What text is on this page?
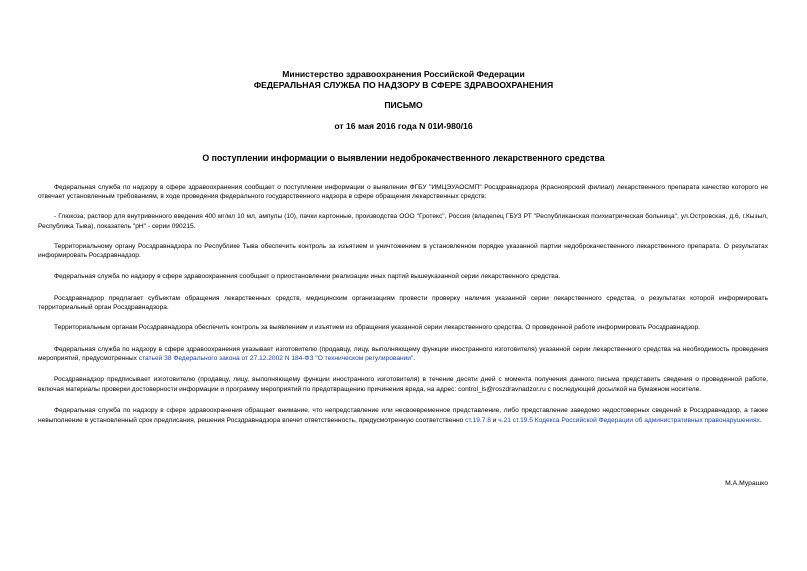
Министерство здравоохранения Российской Федерации
ФЕДЕРАЛЬНАЯ СЛУЖБА ПО НАДЗОРУ В СФЕРЕ ЗДРАВООХРАНЕНИЯ
ПИСЬМО
от 16 мая 2016 года N 01И-980/16
О поступлении информации о выявлении недоброкачественного лекарственного средства

Федеральная служба по надзору в сфере здравоохранения сообщает о поступлении информации о выявлении ФГБУ "ИМЦЭУАОСМП" Росздравнадзора (Красноярский филиал) лекарственного препарата качество которого не отвечает установленным требованиям, в ходе проведения федерального государственного надзора в сфере обращения лекарственных средств:

- Глюкоза, раствор для внутривенного введения 400 мг/мл 10 мл, ампулы (10), пачки картонные, производства ООО "Гротекс", Россия (владелец ГБУЗ РТ "Республиканская психиатрическая больница", ул.Островская, д.6, г.Кызыл, Республика Тыва), показатель "pH" - серии 090215.

Территориальному органу Росздравнадзора по Республике Тыва обеспечить контроль за изъятием и уничтожением в установленном порядке указанной партии недоброкачественного лекарственного препарата. О результатах информировать Росздравнадзор.

Федеральная служба по надзору в сфере здравоохранения сообщает о приостановлении реализации иных партий вышеуказанной серии лекарственного средства.

Росздравнадзор предлагает субъектам обращения лекарственных средств, медицинским организациям провести проверку наличия указанной серии лекарственного средства, о результатах которой информировать территориальный орган Росздравнадзора.

Территориальным органам Росздравнадзора обеспечить контроль за выявлением и изъятием из обращения указанной серии лекарственного средства. О проведенной работе информировать Росздравнадзор.

Федеральная служба по надзору в сфере здравоохранения указывает изготовителю (продавцу, лицу, выполняющему функции иностранного изготовителя) указанной серии лекарственного средства на необходимость проведения мероприятий, предусмотренных статьей 38 Федерального закона от 27.12.2002 N 184-ФЗ "О техническом регулировании".

Росздравнадзор предписывает изготовителю (продавцу, лицу, выполняющему функции иностранного изготовителя) в течение десяти дней с момента получения данного письма представить сведения о проведенной работе, включая материалы проверки достоверности информации и программу мероприятий по предотвращению причинения вреда, на адрес: control_ls@roszdravnadzor.ru с последующей досылкой на бумажном носителе.

Федеральная служба по надзору в сфере здравоохранения обращает внимание, что непредставление или несвоевременное представление, либо представление заведомо недостоверных сведений в Росздравнадзор, а также невыполнение в установленный срок предписания, решения Росздравнадзора влечет ответственность, предусмотренную соответственно ст.19.7.8 и ч.21 ст.19.5 Кодекса Российской Федерации об административных правонарушениях.

М.А.Мурашко
